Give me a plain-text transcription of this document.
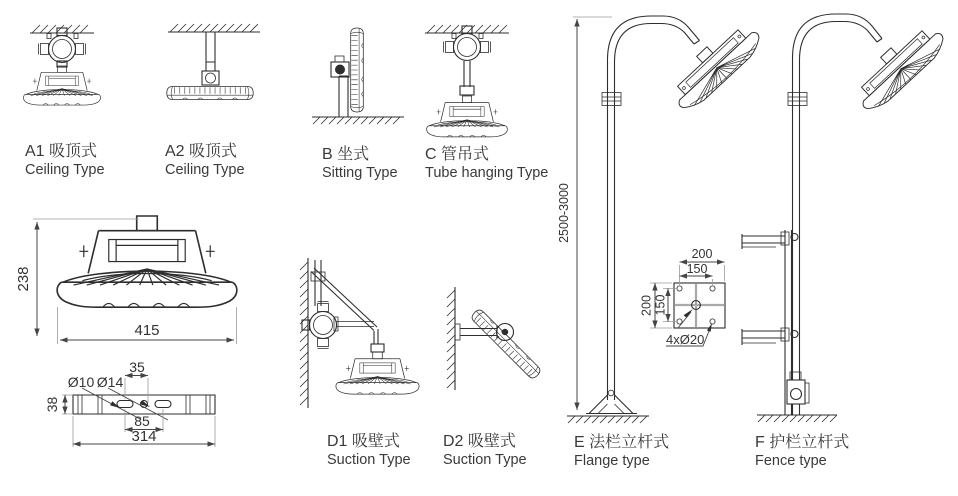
238
415
Ø10 Ø14
35
38
85
314
2500-3000
200
150
200 150
4xØ20
A1 吸顶式
Ceiling Type
A2 吸顶式
Ceiling Type
B 坐式
Sitting Type
C 管吊式
Tube hanging Type
D1 吸壁式
Suction Type
D2 吸壁式
Suction Type
E 法栏立杆式
Flange type
F 护栏立杆式
Fence type
